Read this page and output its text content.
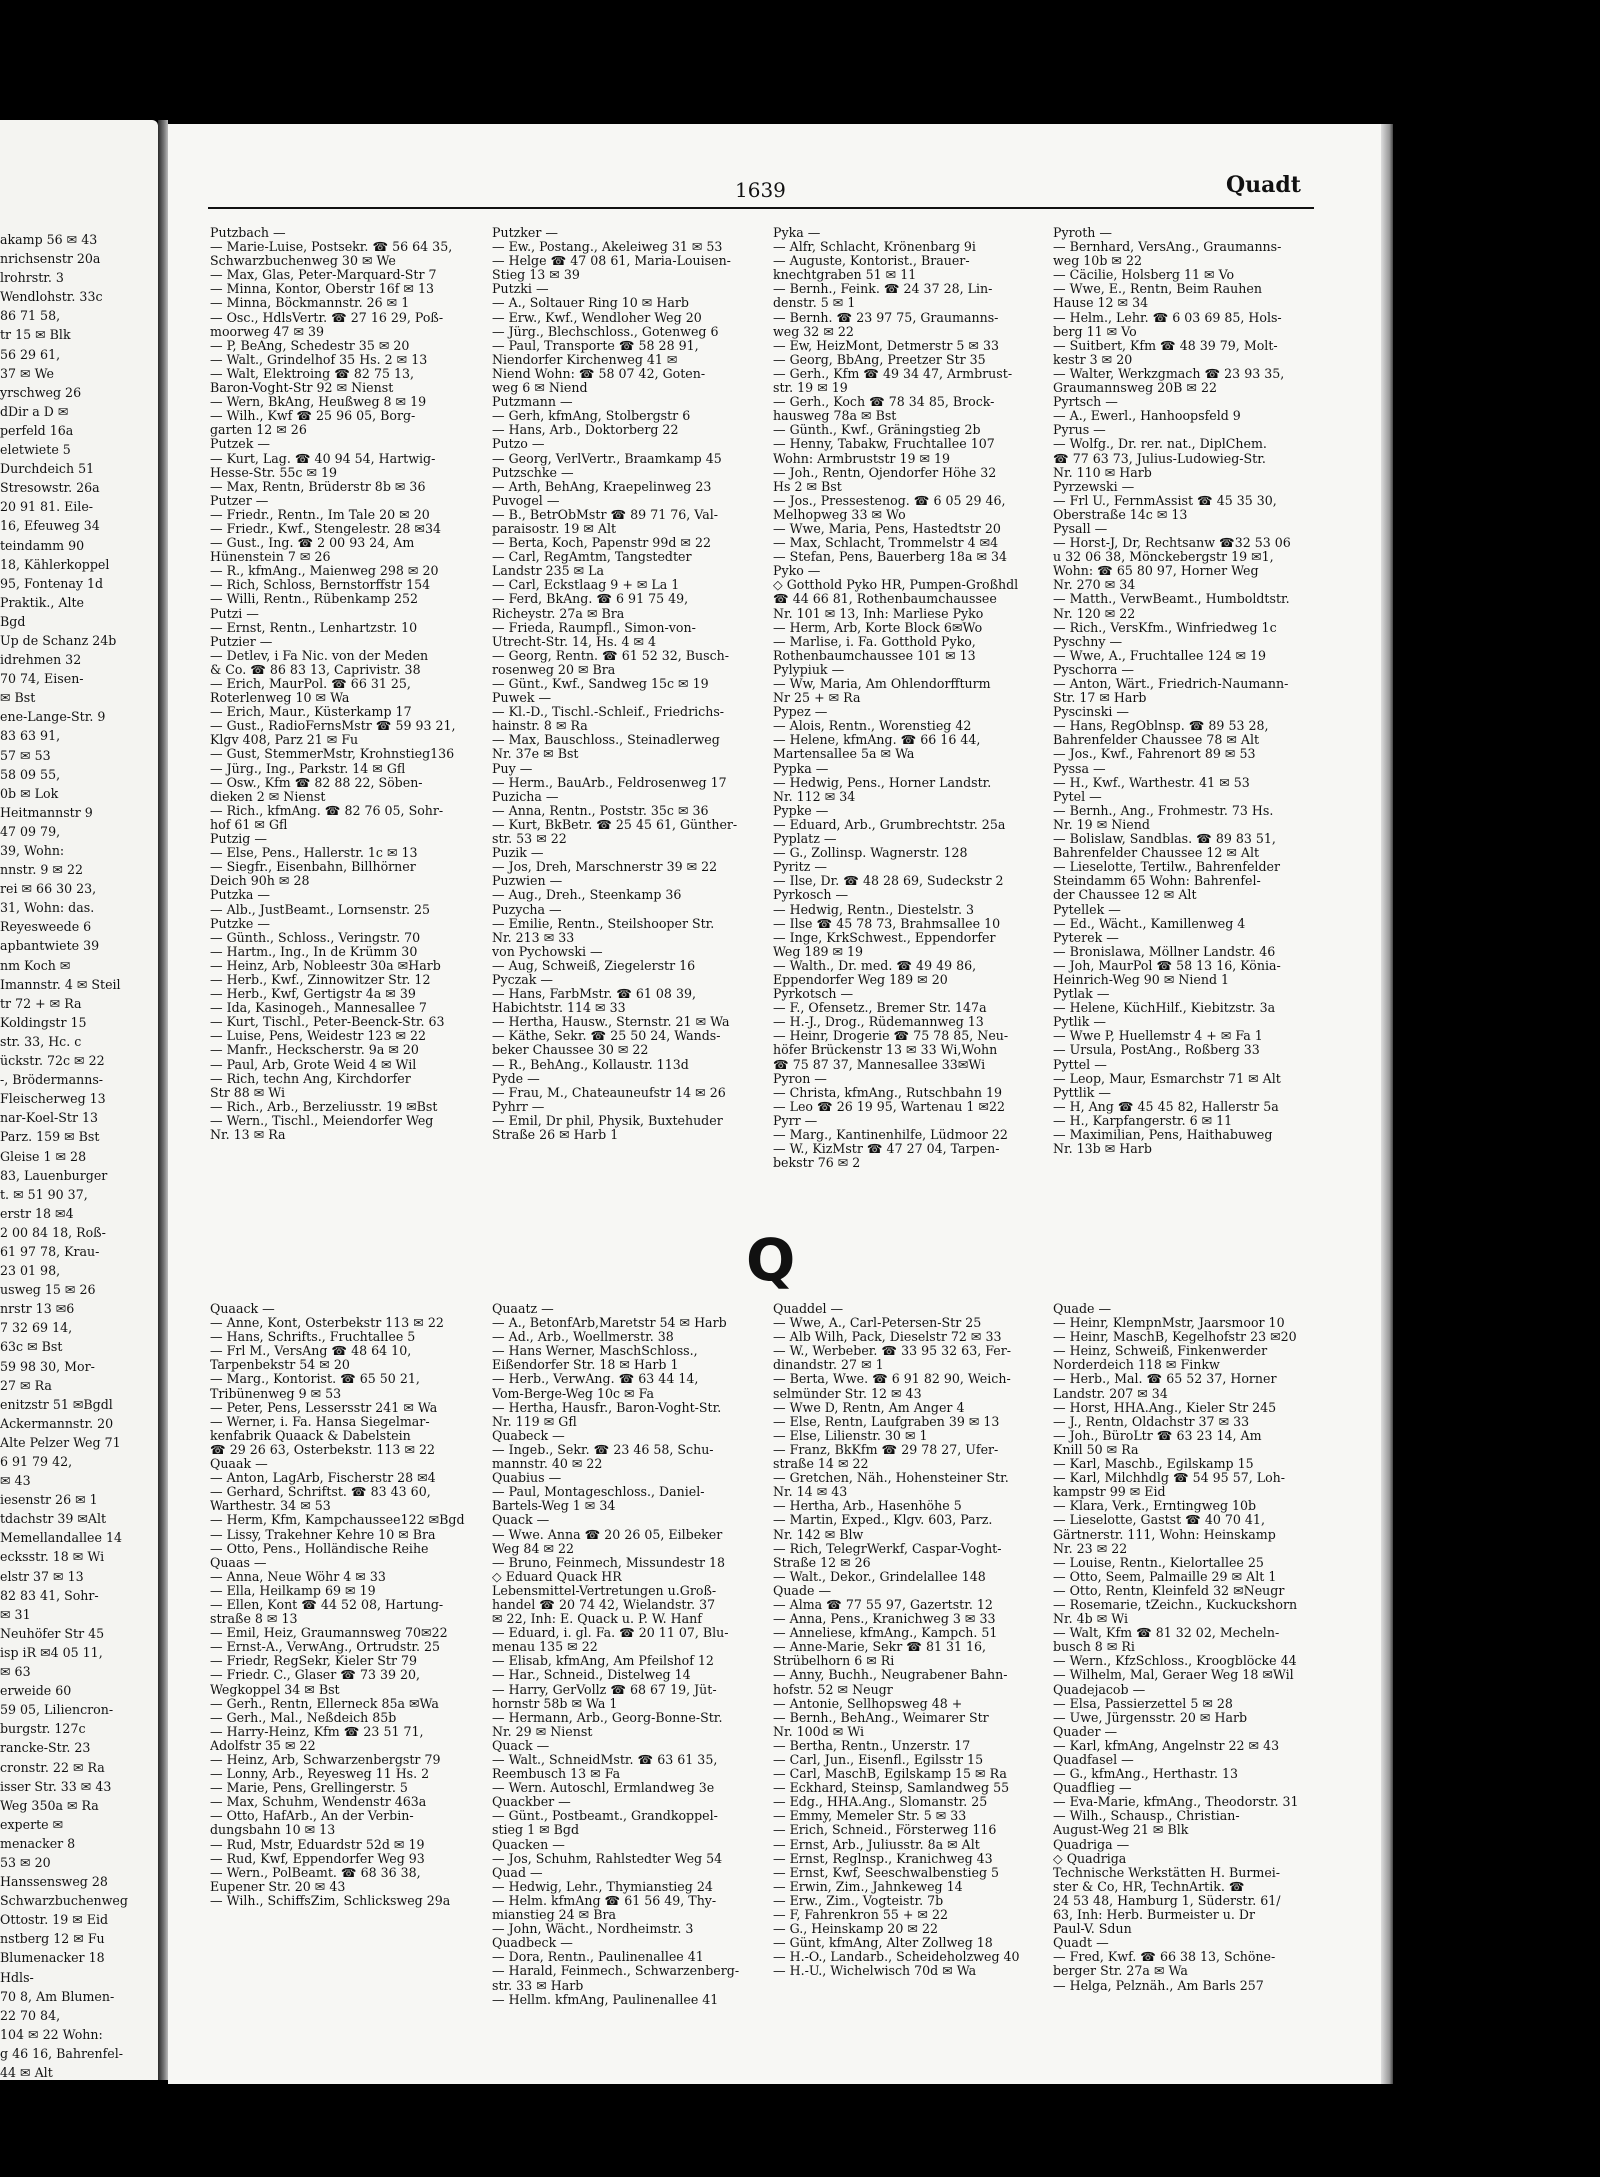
akamp 56 ✉ 43
nrichsenstr 20a
lrohrstr. 3
Wendlohstr. 33c
86 71 58,
tr 15 ✉ Blk
56 29 61,
37 ✉ We
yrschweg 26
dDir a D ✉
perfeld 16a
eletwiete 5
Durchdeich 51
Stresowstr. 26a
20 91 81. Eile-
16, Efeuweg 34
teindamm 90
18, Kählerkoppel
95, Fontenay 1d
Praktik., Alte
Bgd
Up de Schanz 24b
idrehmen 32
70 74, Eisen-
✉ Bst
ene-Lange-Str. 9
83 63 91,
57 ✉ 53
58 09 55,
0b ✉ Lok
Heitmannstr 9
47 09 79,
39, Wohn:
nnstr. 9 ✉ 22
rei ✉ 66 30 23,
31, Wohn: das.
Reyesweede 6
apbantwiete 39
nm Koch ✉
Imannstr. 4 ✉ Steil
tr 72 + ✉ Ra
Koldingstr 15
str. 33, Hc. c
ückstr. 72c ✉ 22
-, Brödermanns-
Fleischerweg 13
nar-Koel-Str 13
Parz. 159 ✉ Bst
Gleise 1 ✉ 28
83, Lauenburger
t. ✉ 51 90 37,
erstr 18 ✉4
2 00 84 18, Roß-
61 97 78, Krau-
23 01 98,
usweg 15 ✉ 26
nrstr 13 ✉6
7 32 69 14,
63c ✉ Bst
59 98 30, Mor-
27 ✉ Ra
enitzstr 51 ✉Bgdl
Ackermannstr. 20
Alte Pelzer Weg 71
6 91 79 42,
✉ 43
iesenstr 26 ✉ 1
tdachstr 39 ✉Alt
Memellandallee 14
ecksstr. 18 ✉ Wi
elstr 37 ✉ 13
82 83 41, Sohr-
✉ 31
Neuhöfer Str 45
isp iR ✉4 05 11,
✉ 63
erweide 60
59 05, Liliencron-
burgstr. 127c
rancke-Str. 23
cronstr. 22 ✉ Ra
isser Str. 33 ✉ 43
Weg 350a ✉ Ra
experte ✉
menacker 8
53 ✉ 20
Hanssensweg 28
Schwarzbuchenweg
Ottostr. 19 ✉ Eid
nstberg 12 ✉ Fu
Blumenacker 18
Hdls-
70 8, Am Blumen-
22 70 84,
104 ✉ 22 Wohn:
g 46 16, Bahrenfel-
44 ✉ Alt
1639	Quadt
Putzbach —
— Marie-Luise, Postsekr. ☎ 56 64 35,
Schwarzbuchenweg 30 ✉ We
— Max, Glas, Peter-Marquard-Str 7
— Minna, Kontor, Oberstr 16f ✉ 13
— Minna, Böckmannstr. 26 ✉ 1
— Osc., HdlsVertr. ☎ 27 16 29, Poß-
moorweg 47 ✉ 39
— P, BeAng, Schedestr 35 ✉ 20
— Walt., Grindelhof 35 Hs. 2 ✉ 13
— Walt, Elektroing ☎ 82 75 13,
Baron-Voght-Str 92 ✉ Nienst
— Wern, BkAng, Heußweg 8 ✉ 19
— Wilh., Kwf ☎ 25 96 05, Borg-
garten 12 ✉ 26
Putzek —
— Kurt, Lag. ☎ 40 94 54, Hartwig-
Hesse-Str. 55c ✉ 19
— Max, Rentn, Brüderstr 8b ✉ 36
Putzer —
— Friedr., Rentn., Im Tale 20 ✉ 20
— Friedr., Kwf., Stengelestr. 28 ✉34
— Gust., Ing. ☎ 2 00 93 24, Am
Hünenstein 7 ✉ 26
— R., kfmAng., Maienweg 298 ✉ 20
— Rich, Schloss, Bernstorffstr 154
— Willi, Rentn., Rübenkamp 252
Putzi —
— Ernst, Rentn., Lenhartzstr. 10
Putzier —
— Detlev, i Fa Nic. von der Meden
& Co. ☎ 86 83 13, Caprivistr. 38
— Erich, MaurPol. ☎ 66 31 25,
Roterlenweg 10 ✉ Wa
— Erich, Maur., Küsterkamp 17
— Gust., RadioFernsMstr ☎ 59 93 21,
Klgv 408, Parz 21 ✉ Fu
— Gust, StemmerMstr, Krohnstieg136
— Jürg., Ing., Parkstr. 14 ✉ Gfl
— Osw., Kfm ☎ 82 88 22, Söben-
dieken 2 ✉ Nienst
— Rich., kfmAng. ☎ 82 76 05, Sohr-
hof 61 ✉ Gfl
Putzig —
— Else, Pens., Hallerstr. 1c ✉ 13
— Siegfr., Eisenbahn, Billhörner
Deich 90h ✉ 28
Putzka —
— Alb., JustBeamt., Lornsenstr. 25
Putzke —
— Günth., Schloss., Veringstr. 70
— Hartm., Ing., In de Krümm 30
— Heinz, Arb, Nobleestr 30a ✉Harb
— Herb., Kwf., Zinnowitzer Str. 12
— Herb., Kwf, Gertigstr 4a ✉ 39
— Ida, Kasinogeh., Mannesallee 7
— Kurt, Tischl., Peter-Beenck-Str. 63
— Luise, Pens, Weidestr 123 ✉ 22
— Manfr., Heckscherstr. 9a ✉ 20
— Paul, Arb, Grote Weid 4 ✉ Wil
— Rich, techn Ang, Kirchdorfer
Str 88 ✉ Wi
— Rich., Arb., Berzeliusstr. 19 ✉Bst
— Wern., Tischl., Meiendorfer Weg
Nr. 13 ✉ Ra
Putzker —
— Ew., Postang., Akeleiweg 31 ✉ 53
— Helge ☎ 47 08 61, Maria-Louisen-
Stieg 13 ✉ 39
Putzki —
— A., Soltauer Ring 10 ✉ Harb
— Erw., Kwf., Wendloher Weg 20
— Jürg., Blechschloss., Gotenweg 6
— Paul, Transporte ☎ 58 28 91,
Niendorfer Kirchenweg 41 ✉
Niend Wohn: ☎ 58 07 42, Goten-
weg 6 ✉ Niend
Putzmann —
— Gerh, kfmAng, Stolbergstr 6
— Hans, Arb., Doktorberg 22
Putzo —
— Georg, VerlVertr., Braamkamp 45
Putzschke —
— Arth, BehAng, Kraepelinweg 23
Puvogel —
— B., BetrObMstr ☎ 89 71 76, Val-
paraisostr. 19 ✉ Alt
— Berta, Koch, Papenstr 99d ✉ 22
— Carl, RegAmtm, Tangstedter
Landstr 235 ✉ La
— Carl, Eckstlaag 9 + ✉ La 1
— Ferd, BkAng. ☎ 6 91 75 49,
Richeystr. 27a ✉ Bra
— Frieda, Raumpfl., Simon-von-
Utrecht-Str. 14, Hs. 4 ✉ 4
— Georg, Rentn. ☎ 61 52 32, Busch-
rosenweg 20 ✉ Bra
— Günt., Kwf., Sandweg 15c ✉ 19
Puwek —
— Kl.-D., Tischl.-Schleif., Friedrichs-
hainstr. 8 ✉ Ra
— Max, Bauschloss., Steinadlerweg
Nr. 37e ✉ Bst
Puy —
— Herm., BauArb., Feldrosenweg 17
Puzicha —
— Anna, Rentn., Poststr. 35c ✉ 36
— Kurt, BkBetr. ☎ 25 45 61, Günther-
str. 53 ✉ 22
Puzik —
— Jos, Dreh, Marschnerstr 39 ✉ 22
Puzwien —
— Aug., Dreh., Steenkamp 36
Puzycha —
— Emilie, Rentn., Steilshooper Str.
Nr. 213 ✉ 33
von Pychowski —
— Aug, Schweiß, Ziegelerstr 16
Pyczak —
— Hans, FarbMstr. ☎ 61 08 39,
Habichtstr. 114 ✉ 33
— Hertha, Hausw., Sternstr. 21 ✉ Wa
— Käthe, Sekr. ☎ 25 50 24, Wands-
beker Chaussee 30 ✉ 22
— R., BehAng., Kollaustr. 113d
Pyde —
— Frau, M., Chateauneufstr 14 ✉ 26
Pyhrr —
— Emil, Dr phil, Physik, Buxtehuder
Straße 26 ✉ Harb 1
Pyka —
— Alfr, Schlacht, Krönenbarg 9i
— Auguste, Kontorist., Brauer-
knechtgraben 51 ✉ 11
— Bernh., Feink. ☎ 24 37 28, Lin-
denstr. 5 ✉ 1
— Bernh. ☎ 23 97 75, Graumanns-
weg 32 ✉ 22
— Ew, HeizMont, Detmerstr 5 ✉ 33
— Georg, BbAng, Preetzer Str 35
— Gerh., Kfm ☎ 49 34 47, Armbrust-
str. 19 ✉ 19
— Gerh., Koch ☎ 78 34 85, Brock-
hausweg 78a ✉ Bst
— Günth., Kwf., Gräningstieg 2b
— Henny, Tabakw, Fruchtallee 107
Wohn: Armbruststr 19 ✉ 19
— Joh., Rentn, Ojendorfer Höhe 32
Hs 2 ✉ Bst
— Jos., Pressestenog. ☎ 6 05 29 46,
Melhopweg 33 ✉ Wo
— Wwe, Maria, Pens, Hastedtstr 20
— Max, Schlacht, Trommelstr 4 ✉4
— Stefan, Pens, Bauerberg 18a ✉ 34
Pyko —
◇ Gotthold Pyko HR, Pumpen-Großhdl
☎ 44 66 81, Rothenbaumchaussee
Nr. 101 ✉ 13, Inh: Marliese Pyko
— Herm, Arb, Korte Block 6✉Wo
— Marlise, i. Fa. Gotthold Pyko,
Rothenbaumchaussee 101 ✉ 13
Pylypiuk —
— Ww, Maria, Am Ohlendorffturm
Nr 25 + ✉ Ra
Pypez —
— Alois, Rentn., Worenstieg 42
— Helene, kfmAng. ☎ 66 16 44,
Martensallee 5a ✉ Wa
Pypka —
— Hedwig, Pens., Horner Landstr.
Nr. 112 ✉ 34
Pypke —
— Eduard, Arb., Grumbrechtstr. 25a
Pyplatz —
— G., Zollinsp. Wagnerstr. 128
Pyritz —
— Ilse, Dr. ☎ 48 28 69, Sudeckstr 2
Pyrkosch —
— Hedwig, Rentn., Diestelstr. 3
— Ilse ☎ 45 78 73, Brahmsallee 10
— Inge, KrkSchwest., Eppendorfer
Weg 189 ✉ 19
— Walth., Dr. med. ☎ 49 49 86,
Eppendorfer Weg 189 ✉ 20
Pyrkotsch —
— F., Ofensetz., Bremer Str. 147a
— H.-J., Drog., Rüdemannweg 13
— Heinr, Drogerie ☎ 75 78 85, Neu-
höfer Brückenstr 13 ✉ 33 Wi,Wohn
☎ 75 87 37, Mannesallee 33✉Wi
Pyron —
— Christa, kfmAng., Rutschbahn 19
— Leo ☎ 26 19 95, Wartenau 1 ✉22
Pyrr —
— Marg., Kantinenhilfe, Lüdmoor 22
— W., KizMstr ☎ 47 27 04, Tarpen-
bekstr 76 ✉ 2
Pyroth —
— Bernhard, VersAng., Graumanns-
weg 10b ✉ 22
— Cäcilie, Holsberg 11 ✉ Vo
— Wwe, E., Rentn, Beim Rauhen
Hause 12 ✉ 34
— Helm., Lehr. ☎ 6 03 69 85, Hols-
berg 11 ✉ Vo
— Suitbert, Kfm ☎ 48 39 79, Molt-
kestr 3 ✉ 20
— Walter, Werkzgmach ☎ 23 93 35,
Graumannsweg 20B ✉ 22
Pyrtsch —
— A., Ewerl., Hanhoopsfeld 9
Pyrus —
— Wolfg., Dr. rer. nat., DiplChem.
☎ 77 63 73, Julius-Ludowieg-Str.
Nr. 110 ✉ Harb
Pyrzewski —
— Frl U., FernmAssist ☎ 45 35 30,
Oberstraße 14c ✉ 13
Pysall —
— Horst-J, Dr, Rechtsanw ☎32 53 06
u 32 06 38, Mönckebergstr 19 ✉1,
Wohn: ☎ 65 80 97, Horner Weg
Nr. 270 ✉ 34
— Matth., VerwBeamt., Humboldtstr.
Nr. 120 ✉ 22
— Rich., VersKfm., Winfriedweg 1c
Pyschny —
— Wwe, A., Fruchtallee 124 ✉ 19
Pyschorra —
— Anton, Wärt., Friedrich-Naumann-
Str. 17 ✉ Harb
Pyscinski —
— Hans, RegOblnsp. ☎ 89 53 28,
Bahrenfelder Chaussee 78 ✉ Alt
— Jos., Kwf., Fahrenort 89 ✉ 53
Pyssa —
— H., Kwf., Warthestr. 41 ✉ 53
Pytel —
— Bernh., Ang., Frohmestr. 73 Hs.
Nr. 19 ✉ Niend
— Bolislaw, Sandblas. ☎ 89 83 51,
Bahrenfelder Chaussee 12 ✉ Alt
— Lieselotte, Tertilw., Bahrenfelder
Steindamm 65 Wohn: Bahrenfel-
der Chaussee 12 ✉ Alt
Pytellek —
— Ed., Wächt., Kamillenweg 4
Pyterek —
— Bronislawa, Möllner Landstr. 46
— Joh, MaurPol ☎ 58 13 16, Könia-
Heinrich-Weg 90 ✉ Niend 1
Pytlak —
— Helene, KüchHilf., Kiebitzstr. 3a
Pytlik —
— Wwe P, Huellemstr 4 + ✉ Fa 1
— Ursula, PostAng., Roßberg 33
Pyttel —
— Leop, Maur, Esmarchstr 71 ✉ Alt
Pyttlik —
— H, Ang ☎ 45 45 82, Hallerstr 5a
— H., Karpfangerstr. 6 ✉ 11
— Maximilian, Pens, Haithabuweg
Nr. 13b ✉ Harb
Q
Quaack —
— Anne, Kont, Osterbekstr 113 ✉ 22
— Hans, Schrifts., Fruchtallee 5
— Frl M., VersAng ☎ 48 64 10,
Tarpenbekstr 54 ✉ 20
— Marg., Kontorist. ☎ 65 50 21,
Tribünenweg 9 ✉ 53
— Peter, Pens, Lessersstr 241 ✉ Wa
— Werner, i. Fa. Hansa Siegelmar-
kenfabrik Quaack & Dabelstein
☎ 29 26 63, Osterbekstr. 113 ✉ 22
Quaak —
— Anton, LagArb, Fischerstr 28 ✉4
— Gerhard, Schriftst. ☎ 83 43 60,
Warthestr. 34 ✉ 53
— Herm, Kfm, Kampchaussee122 ✉Bgd
— Lissy, Trakehner Kehre 10 ✉ Bra
— Otto, Pens., Holländische Reihe
Quaas —
— Anna, Neue Wöhr 4 ✉ 33
— Ella, Heilkamp 69 ✉ 19
— Ellen, Kont ☎ 44 52 08, Hartung-
straße 8 ✉ 13
— Emil, Heiz, Graumannsweg 70✉22
— Ernst-A., VerwAng., Ortrudstr. 25
— Friedr, RegSekr, Kieler Str 79
— Friedr. C., Glaser ☎ 73 39 20,
Wegkoppel 34 ✉ Bst
— Gerh., Rentn, Ellerneck 85a ✉Wa
— Gerh., Mal., Neßdeich 85b
— Harry-Heinz, Kfm ☎ 23 51 71,
Adolfstr 35 ✉ 22
— Heinz, Arb, Schwarzenbergstr 79
— Lonny, Arb., Reyesweg 11 Hs. 2
— Marie, Pens, Grellingerstr. 5
— Max, Schuhm, Wendenstr 463a
— Otto, HafArb., An der Verbin-
dungsbahn 10 ✉ 13
— Rud, Mstr, Eduardstr 52d ✉ 19
— Rud, Kwf, Eppendorfer Weg 93
— Wern., PolBeamt. ☎ 68 36 38,
Eupener Str. 20 ✉ 43
— Wilh., SchiffsZim, Schlicksweg 29a
Quaatz —
— A., BetonfArb,Maretstr 54 ✉ Harb
— Ad., Arb., Woellmerstr. 38
— Hans Werner, MaschSchloss.,
Eißendorfer Str. 18 ✉ Harb 1
— Herb., VerwAng. ☎ 63 44 14,
Vom-Berge-Weg 10c ✉ Fa
— Hertha, Hausfr., Baron-Voght-Str.
Nr. 119 ✉ Gfl
Quabeck —
— Ingeb., Sekr. ☎ 23 46 58, Schu-
mannstr. 40 ✉ 22
Quabius —
— Paul, Montageschloss., Daniel-
Bartels-Weg 1 ✉ 34
Quack —
— Wwe. Anna ☎ 20 26 05, Eilbeker
Weg 84 ✉ 22
— Bruno, Feinmech, Missundestr 18
◇ Eduard Quack HR
Lebensmittel-Vertretungen u.Groß-
handel ☎ 20 74 42, Wielandstr. 37
✉ 22, Inh: E. Quack u. P. W. Hanf
— Eduard, i. gl. Fa. ☎ 20 11 07, Blu-
menau 135 ✉ 22
— Elisab, kfmAng, Am Pfeilshof 12
— Har., Schneid., Distelweg 14
— Harry, GerVollz ☎ 68 67 19, Jüt-
hornstr 58b ✉ Wa 1
— Hermann, Arb., Georg-Bonne-Str.
Nr. 29 ✉ Nienst
Quack —
— Walt., SchneidMstr. ☎ 63 61 35,
Reembusch 13 ✉ Fa
— Wern. Autoschl, Ermlandweg 3e
Quackber —
— Günt., Postbeamt., Grandkoppel-
stieg 1 ✉ Bgd
Quacken —
— Jos, Schuhm, Rahlstedter Weg 54
Quad —
— Hedwig, Lehr., Thymianstieg 24
— Helm. kfmAng ☎ 61 56 49, Thy-
mianstieg 24 ✉ Bra
— John, Wächt., Nordheimstr. 3
Quadbeck —
— Dora, Rentn., Paulinenallee 41
— Harald, Feinmech., Schwarzenberg-
str. 33 ✉ Harb
— Hellm. kfmAng, Paulinenallee 41
Quaddel —
— Wwe, A., Carl-Petersen-Str 25
— Alb Wilh, Pack, Dieselstr 72 ✉ 33
— W., Werbeber. ☎ 33 95 32 63, Fer-
dinandstr. 27 ✉ 1
— Berta, Wwe. ☎ 6 91 82 90, Weich-
selmünder Str. 12 ✉ 43
— Wwe D, Rentn, Am Anger 4
— Else, Rentn, Laufgraben 39 ✉ 13
— Else, Lilienstr. 30 ✉ 1
— Franz, BkKfm ☎ 29 78 27, Ufer-
straße 14 ✉ 22
— Gretchen, Näh., Hohensteiner Str.
Nr. 14 ✉ 43
— Hertha, Arb., Hasenhöhe 5
— Martin, Exped., Klgv. 603, Parz.
Nr. 142 ✉ Blw
— Rich, TelegrWerkf, Caspar-Voght-
Straße 12 ✉ 26
— Walt., Dekor., Grindelallee 148
Quade —
— Alma ☎ 77 55 97, Gazertstr. 12
— Anna, Pens., Kranichweg 3 ✉ 33
— Anneliese, kfmAng., Kampch. 51
— Anne-Marie, Sekr ☎ 81 31 16,
Strübelhorn 6 ✉ Ri
— Anny, Buchh., Neugrabener Bahn-
hofstr. 52 ✉ Neugr
— Antonie, Sellhopsweg 48 +
— Bernh., BehAng., Weimarer Str
Nr. 100d ✉ Wi
— Bertha, Rentn., Unzerstr. 17
— Carl, Jun., Eisenfl., Egilsstr 15
— Carl, MaschB, Egilskamp 15 ✉ Ra
— Eckhard, Steinsp, Samlandweg 55
— Edg., HHA.Ang., Slomanstr. 25
— Emmy, Memeler Str. 5 ✉ 33
— Erich, Schneid., Försterweg 116
— Ernst, Arb., Juliusstr. 8a ✉ Alt
— Ernst, Reglnsp., Kranichweg 43
— Ernst, Kwf, Seeschwalbenstieg 5
— Erwin, Zim., Jahnkeweg 14
— Erw., Zim., Vogteistr. 7b
— F, Fahrenkron 55 + ✉ 22
— G., Heinskamp 20 ✉ 22
— Günt, kfmAng, Alter Zollweg 18
— H.-O., Landarb., Scheideholzweg 40
— H.-U., Wichelwisch 70d ✉ Wa
Quade —
— Heinr, KlempnMstr, Jaarsmoor 10
— Heinr, MaschB, Kegelhofstr 23 ✉20
— Heinz, Schweiß, Finkenwerder
Norderdeich 118 ✉ Finkw
— Herb., Mal. ☎ 65 52 37, Horner
Landstr. 207 ✉ 34
— Horst, HHA.Ang., Kieler Str 245
— J., Rentn, Oldachstr 37 ✉ 33
— Joh., BüroLtr ☎ 63 23 14, Am
Knill 50 ✉ Ra
— Karl, Maschb., Egilskamp 15
— Karl, Milchhdlg ☎ 54 95 57, Loh-
kampstr 99 ✉ Eid
— Klara, Verk., Erntingweg 10b
— Lieselotte, Gastst ☎ 40 70 41,
Gärtnerstr. 111, Wohn: Heinskamp
Nr. 23 ✉ 22
— Louise, Rentn., Kielortallee 25
— Otto, Seem, Palmaille 29 ✉ Alt 1
— Otto, Rentn, Kleinfeld 32 ✉Neugr
— Rosemarie, tZeichn., Kuckuckshorn
Nr. 4b ✉ Wi
— Walt, Kfm ☎ 81 32 02, Mecheln-
busch 8 ✉ Ri
— Wern., KfzSchloss., Kroogblöcke 44
— Wilhelm, Mal, Geraer Weg 18 ✉Wil
Quadejacob —
— Elsa, Passierzettel 5 ✉ 28
— Uwe, Jürgensstr. 20 ✉ Harb
Quader —
— Karl, kfmAng, Angelnstr 22 ✉ 43
Quadfasel —
— G., kfmAng., Herthastr. 13
Quadflieg —
— Eva-Marie, kfmAng., Theodorstr. 31
— Wilh., Schausp., Christian-
August-Weg 21 ✉ Blk
Quadriga —
◇ Quadriga
Technische Werkstätten H. Burmei-
ster & Co, HR, TechnArtik. ☎
24 53 48, Hamburg 1, Süderstr. 61/
63, Inh: Herb. Burmeister u. Dr
Paul-V. Sdun
Quadt —
— Fred, Kwf. ☎ 66 38 13, Schöne-
berger Str. 27a ✉ Wa
— Helga, Pelznäh., Am Barls 257
